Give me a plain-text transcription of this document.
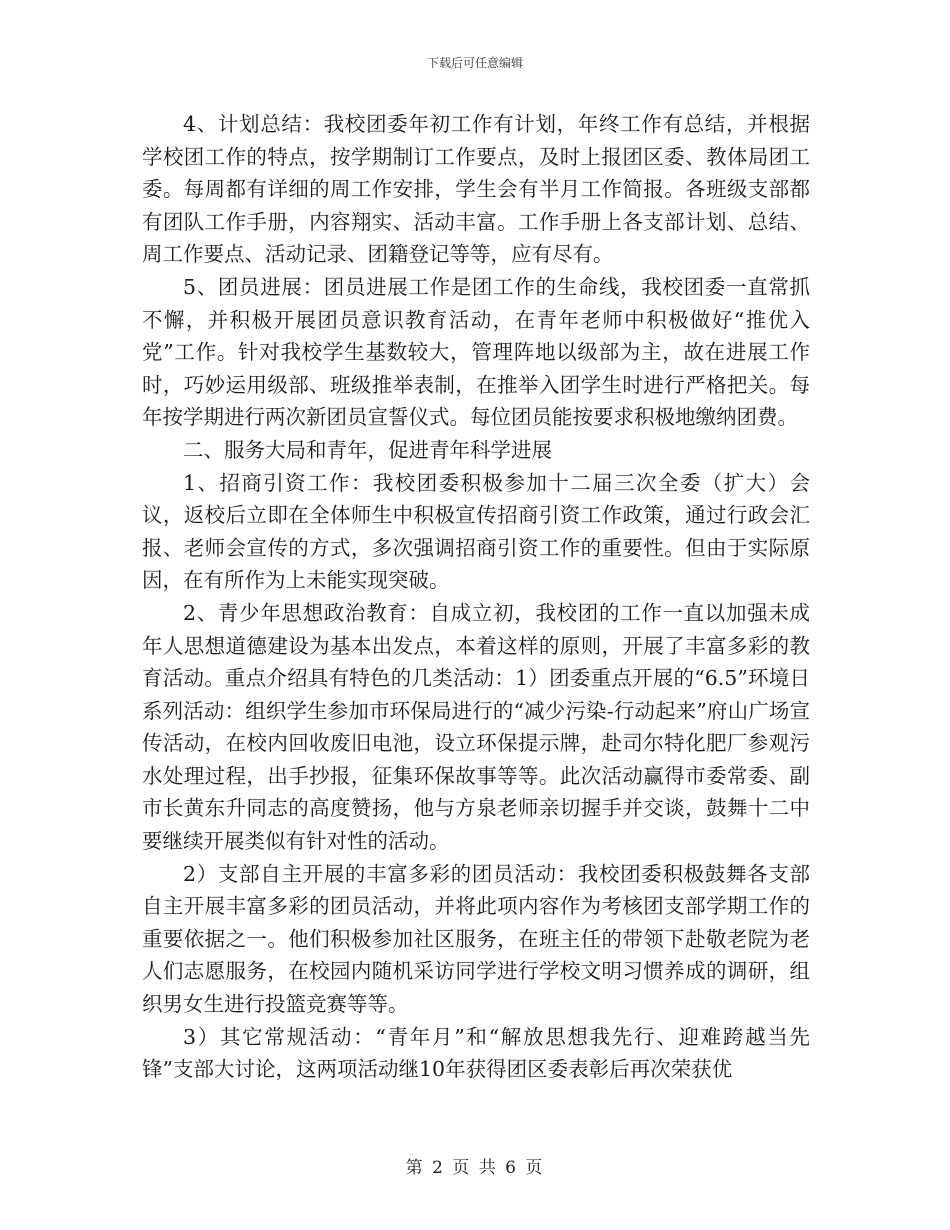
下载后可任意编辑

4、计划总结：我校团委年初工作有计划，年终工作有总结，并根据学校团工作的特点，按学期制订工作要点，及时上报团区委、教体局团工委。每周都有详细的周工作安排，学生会有半月工作简报。各班级支部都有团队工作手册，内容翔实、活动丰富。工作手册上各支部计划、总结、周工作要点、活动记录、团籍登记等等，应有尽有。

5、团员进展：团员进展工作是团工作的生命线，我校团委一直常抓不懈，并积极开展团员意识教育活动，在青年老师中积极做好“推优入党”工作。针对我校学生基数较大，管理阵地以级部为主，故在进展工作时，巧妙运用级部、班级推举表制，在推举入团学生时进行严格把关。每年按学期进行两次新团员宣誓仪式。每位团员能按要求积极地缴纳团费。

二、服务大局和青年，促进青年科学进展

1、招商引资工作：我校团委积极参加十二届三次全委（扩大）会议，返校后立即在全体师生中积极宣传招商引资工作政策，通过行政会汇报、老师会宣传的方式，多次强调招商引资工作的重要性。但由于实际原因，在有所作为上未能实现突破。

2、青少年思想政治教育：自成立初，我校团的工作一直以加强未成年人思想道德建设为基本出发点，本着这样的原则，开展了丰富多彩的教育活动。重点介绍具有特色的几类活动：1）团委重点开展的“6.5”环境日系列活动：组织学生参加市环保局进行的“减少污染-行动起来”府山广场宣传活动，在校内回收废旧电池，设立环保提示牌，赴司尔特化肥厂参观污水处理过程，出手抄报，征集环保故事等等。此次活动赢得市委常委、副市长黄东升同志的高度赞扬，他与方泉老师亲切握手并交谈，鼓舞十二中要继续开展类似有针对性的活动。

2）支部自主开展的丰富多彩的团员活动：我校团委积极鼓舞各支部自主开展丰富多彩的团员活动，并将此项内容作为考核团支部学期工作的重要依据之一。他们积极参加社区服务，在班主任的带领下赴敬老院为老人们志愿服务，在校园内随机采访同学进行学校文明习惯养成的调研，组织男女生进行投篮竞赛等等。

3）其它常规活动：“青年月”和“解放思想我先行、迎难跨越当先锋”支部大讨论，这两项活动继10年获得团区委表彰后再次荣获优

第 2 页 共 6 页
